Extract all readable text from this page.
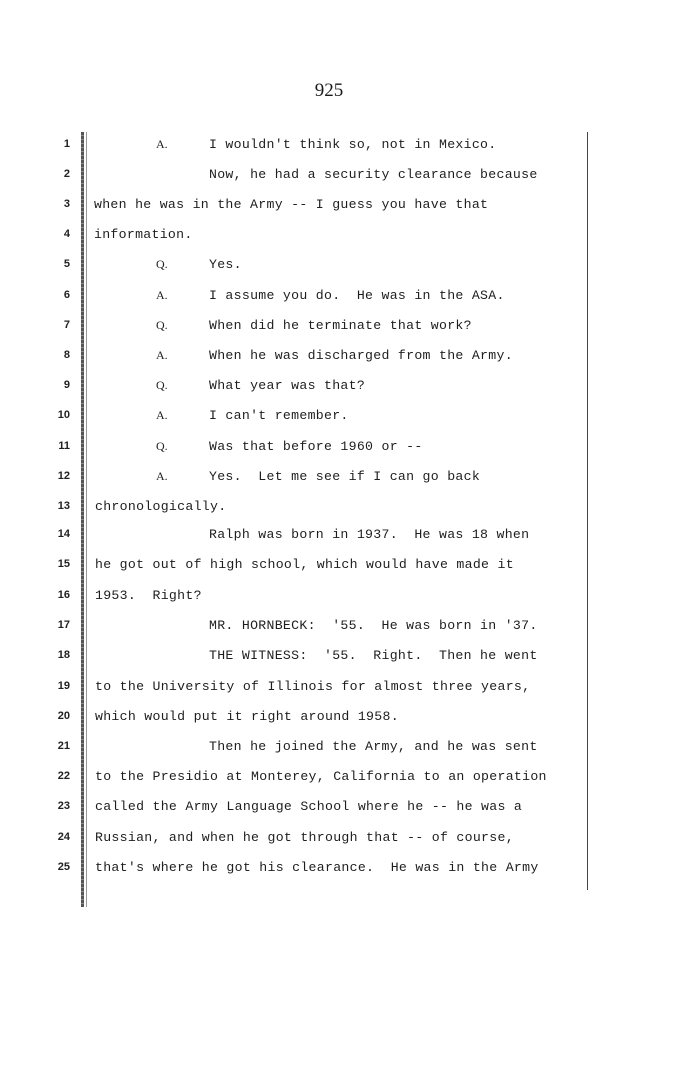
925
1
2
3
4
5
6
7
8
9
10
11
12
13
14
15
16
17
18
19
20
21
22
23
24
25
A.
Q.
A.
Q.
A.
Q.
A.
Q.
A.
I wouldn't think so, not in Mexico.
Now, he had a security clearance because
when he was in the Army -- I guess you have that
information.
Yes.
I assume you do.  He was in the ASA.
When did he terminate that work?
When he was discharged from the Army.
What year was that?
I can't remember.
Was that before 1960 or --
Yes.  Let me see if I can go back
chronologically.
Ralph was born in 1937.  He was 18 when
he got out of high school, which would have made it
1953.  Right?
MR. HORNBECK:  '55.  He was born in '37.
THE WITNESS:  '55.  Right.  Then he went
to the University of Illinois for almost three years,
which would put it right around 1958.
Then he joined the Army, and he was sent
to the Presidio at Monterey, California to an operation
called the Army Language School where he -- he was a
Russian, and when he got through that -- of course,
that's where he got his clearance.  He was in the Army
